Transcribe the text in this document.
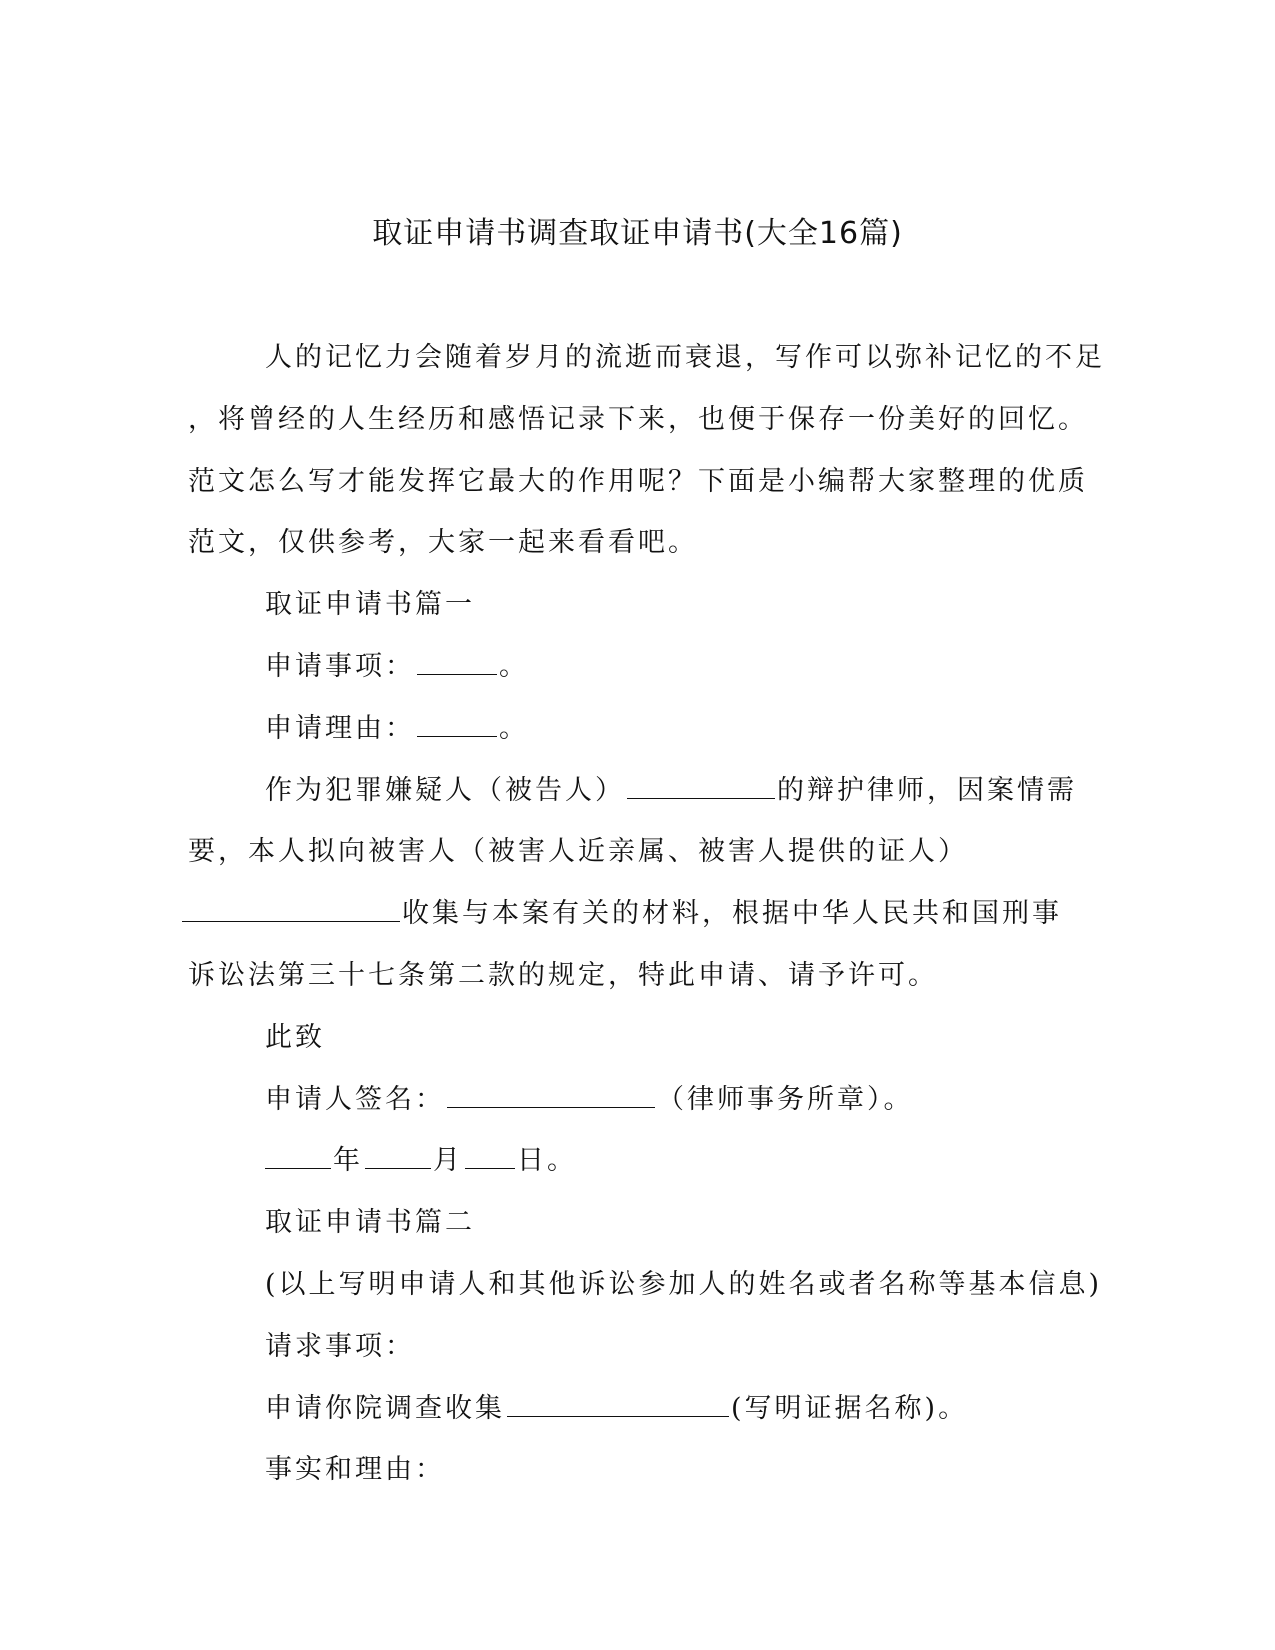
取证申请书调查取证申请书(大全16篇)

人的记忆力会随着岁月的流逝而衰退，写作可以弥补记忆的不足

，将曾经的人生经历和感悟记录下来，也便于保存一份美好的回忆。

范文怎么写才能发挥它最大的作用呢？下面是小编帮大家整理的优质

范文，仅供参考，大家一起来看看吧。

取证申请书篇一

申请事项：	。

申请理由：	。

作为犯罪嫌疑人（被告人）	的辩护律师，因案情需

要，本人拟向被害人（被害人近亲属、被害人提供的证人）

收集与本案有关的材料，根据中华人民共和国刑事

诉讼法第三十七条第二款的规定，特此申请、请予许可。

此致

申请人签名：	（律师事务所章）。

年	月 日。

取证申请书篇二

(以上写明申请人和其他诉讼参加人的姓名或者名称等基本信息)

请求事项：

申请你院调查收集	(写明证据名称)。

事实和理由：
